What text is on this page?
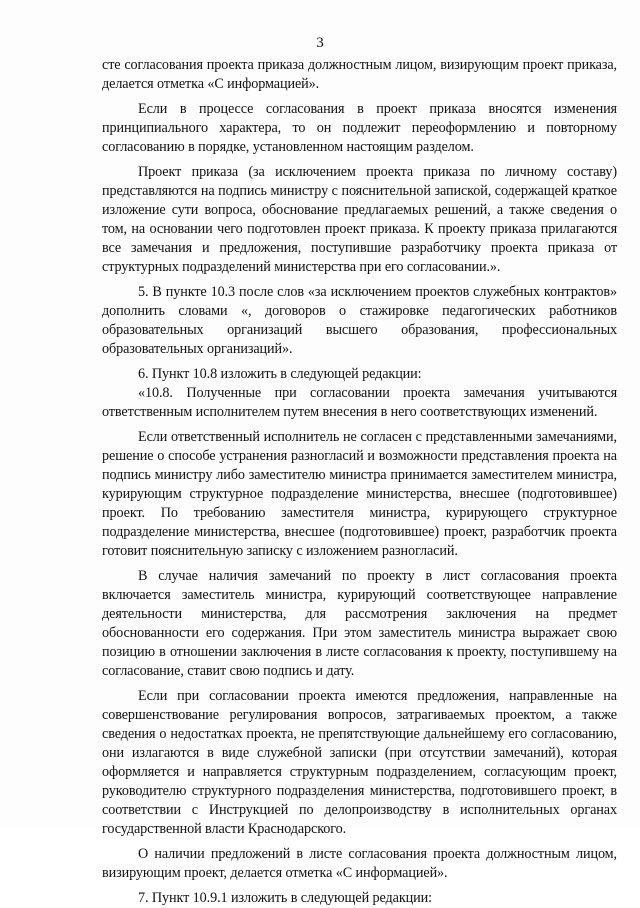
3

сте согласования проекта приказа должностным лицом, визирующим проект приказа, делается отметка «С информацией».

Если в процессе согласования в проект приказа вносятся изменения принципиального характера, то он подлежит переоформлению и повторному согласованию в порядке, установленном настоящим разделом.

Проект приказа (за исключением проекта приказа по личному составу) представляются на подпись министру с пояснительной запиской, содержащей краткое изложение сути вопроса, обоснование предлагаемых решений, а также сведения о том, на основании чего подготовлен проект приказа. К проекту приказа прилагаются все замечания и предложения, поступившие разработчику проекта приказа от структурных подразделений министерства при его согласовании.».

5. В пункте 10.3 после слов «за исключением проектов служебных контрактов» дополнить словами «, договоров о стажировке педагогических работников образовательных организаций высшего образования, профессиональных образовательных организаций».

6. Пункт 10.8 изложить в следующей редакции:

«10.8. Полученные при согласовании проекта замечания учитываются ответственным исполнителем путем внесения в него соответствующих изменений.

Если ответственный исполнитель не согласен с представленными замечаниями, решение о способе устранения разногласий и возможности представления проекта на подпись министру либо заместителю министра принимается заместителем министра, курирующим структурное подразделение министерства, внесшее (подготовившее) проект. По требованию заместителя министра, курирующего структурное подразделение министерства, внесшее (подготовившее) проект, разработчик проекта готовит пояснительную записку с изложением разногласий.

В случае наличия замечаний по проекту в лист согласования проекта включается заместитель министра, курирующий соответствующее направление деятельности министерства, для рассмотрения заключения на предмет обоснованности его содержания. При этом заместитель министра выражает свою позицию в отношении заключения в листе согласования к проекту, поступившему на согласование, ставит свою подпись и дату.

Если при согласовании проекта имеются предложения, направленные на совершенствование регулирования вопросов, затрагиваемых проектом, а также сведения о недостатках проекта, не препятствующие дальнейшему его согласованию, они излагаются в виде служебной записки (при отсутствии замечаний), которая оформляется и направляется структурным подразделением, согласующим проект, руководителю структурного подразделения министерства, подготовившего проект, в соответствии с Инструкцией по делопроизводству в исполнительных органах государственной власти Краснодарского.

О наличии предложений в листе согласования проекта должностным лицом, визирующим проект, делается отметка «С информацией».

7. Пункт 10.9.1 изложить в следующей редакции:
